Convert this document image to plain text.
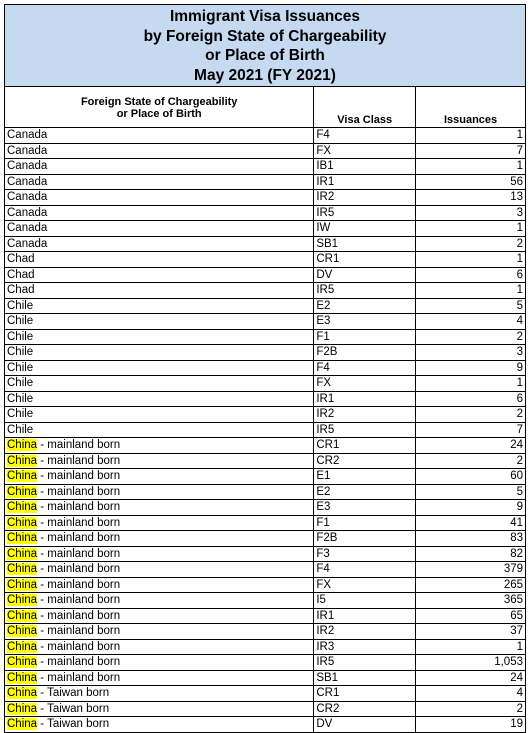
Immigrant Visa Issuances
by Foreign State of Chargeability
or Place of Birth
May 2021 (FY 2021)
Foreign State of Chargeability
or Place of Birth	Visa Class	Issuances
Canada	F4	1
Canada	FX	7
Canada	IB1	1
Canada	IR1	56
Canada	IR2	13
Canada	IR5	3
Canada	IW	1
Canada	SB1	2
Chad	CR1	1
Chad	DV	6
Chad	IR5	1
Chile	E2	5
Chile	E3	4
Chile	F1	2
Chile	F2B	3
Chile	F4	9
Chile	FX	1
Chile	IR1	6
Chile	IR2	2
Chile	IR5	7
China - mainland born	CR1	24
China - mainland born	CR2	2
China - mainland born	E1	60
China - mainland born	E2	5
China - mainland born	E3	9
China - mainland born	F1	41
China - mainland born	F2B	83
China - mainland born	F3	82
China - mainland born	F4	379
China - mainland born	FX	265
China - mainland born	I5	365
China - mainland born	IR1	65
China - mainland born	IR2	37
China - mainland born	IR3	1
China - mainland born	IR5	1,053
China - mainland born	SB1	24
China - Taiwan born	CR1	4
China - Taiwan born	CR2	2
China - Taiwan born	DV	19
